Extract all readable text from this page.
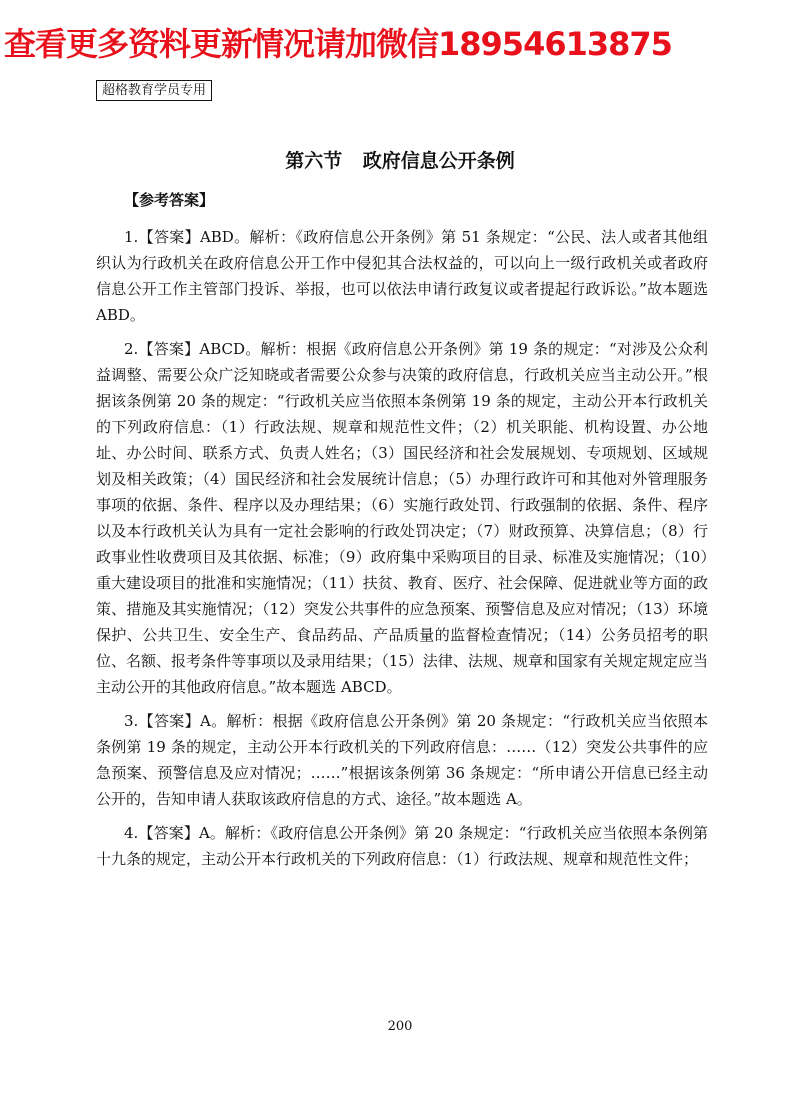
查看更多资料更新情况请加微信18954613875
超格教育学员专用
第六节 政府信息公开条例
【参考答案】

1.【答案】ABD。解析：《政府信息公开条例》第 51 条规定：“公民、法人或者其他组织认为行政机关在政府信息公开工作中侵犯其合法权益的，可以向上一级行政机关或者政府信息公开工作主管部门投诉、举报，也可以依法申请行政复议或者提起行政诉讼。”故本题选 ABD。

2.【答案】ABCD。解析：根据《政府信息公开条例》第 19 条的规定：“对涉及公众利益调整、需要公众广泛知晓或者需要公众参与决策的政府信息，行政机关应当主动公开。”根据该条例第 20 条的规定：“行政机关应当依照本条例第 19 条的规定，主动公开本行政机关的下列政府信息：（1）行政法规、规章和规范性文件；（2）机关职能、机构设置、办公地址、办公时间、联系方式、负责人姓名；（3）国民经济和社会发展规划、专项规划、区域规划及相关政策；（4）国民经济和社会发展统计信息；（5）办理行政许可和其他对外管理服务事项的依据、条件、程序以及办理结果；（6）实施行政处罚、行政强制的依据、条件、程序以及本行政机关认为具有一定社会影响的行政处罚决定；（7）财政预算、决算信息；（8）行政事业性收费项目及其依据、标准；（9）政府集中采购项目的目录、标准及实施情况；（10）重大建设项目的批准和实施情况；（11）扶贫、教育、医疗、社会保障、促进就业等方面的政策、措施及其实施情况；（12）突发公共事件的应急预案、预警信息及应对情况；（13）环境保护、公共卫生、安全生产、食品药品、产品质量的监督检查情况；（14）公务员招考的职位、名额、报考条件等事项以及录用结果；（15）法律、法规、规章和国家有关规定规定应当主动公开的其他政府信息。”故本题选 ABCD。

3.【答案】A。解析：根据《政府信息公开条例》第 20 条规定：“行政机关应当依照本条例第 19 条的规定，主动公开本行政机关的下列政府信息：……（12）突发公共事件的应急预案、预警信息及应对情况；……”根据该条例第 36 条规定：“所申请公开信息已经主动公开的，告知申请人获取该政府信息的方式、途径。”故本题选 A。

4.【答案】A。解析：《政府信息公开条例》第 20 条规定：“行政机关应当依照本条例第十九条的规定，主动公开本行政机关的下列政府信息：（1）行政法规、规章和规范性文件；

200
